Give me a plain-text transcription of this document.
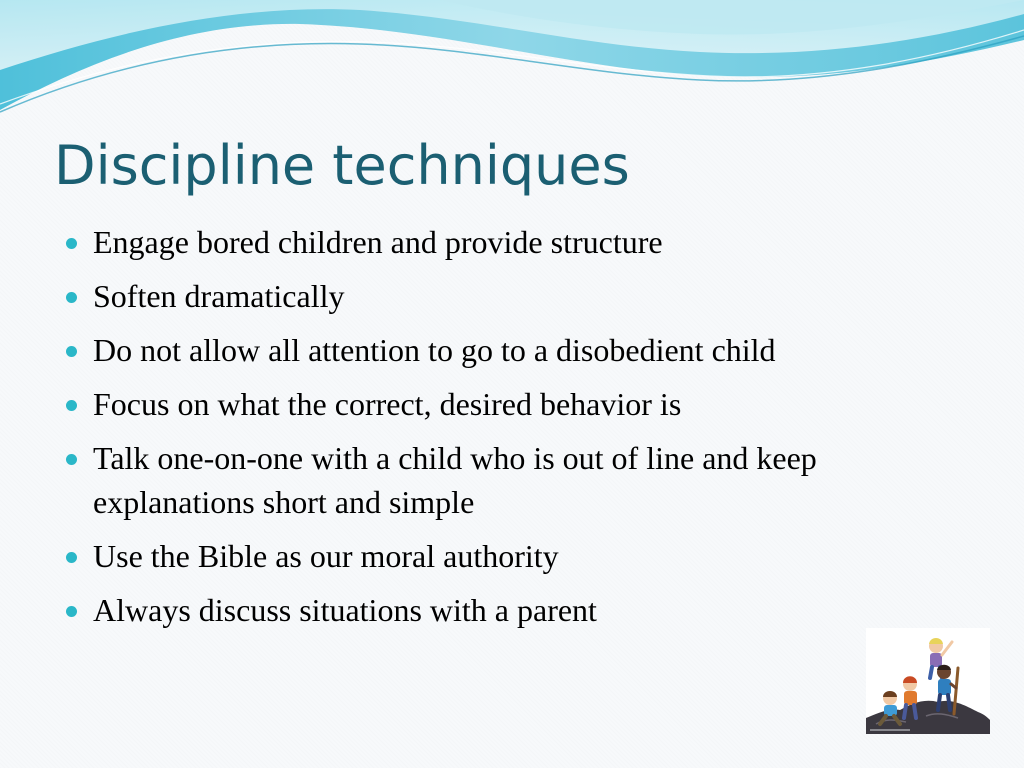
Discipline techniques
Engage bored children and provide structure
Soften dramatically
Do not allow all attention to go to a disobedient child
Focus on what the correct, desired behavior is
Talk one-on-one with a child who is out of line and keep explanations short and simple
Use the Bible as our moral authority
Always discuss situations with a parent
